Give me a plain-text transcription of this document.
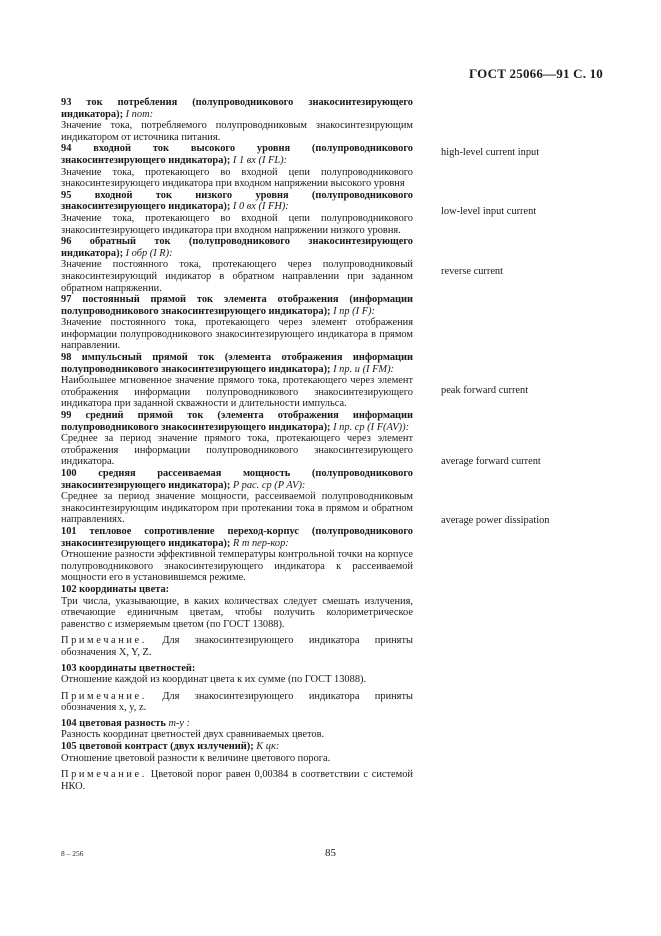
ГОСТ 25066—91 С. 10
93 ток потребления (полупроводникового знакосинтезирующего индикатора); I пот:
Значение тока, потребляемого полупроводниковым знакосинтезирующим индикатором от источника питания.
94 входной ток высокого уровня (полупроводникового знакосинтезирующего индикатора); I 1 вх (I FL):
Значение тока, протекающего во входной цепи полупроводникового знакосинтезирующего индикатора при входном напряжении высокого уровня
95 входной ток низкого уровня (полупроводникового знакосинтезирующего индикатора); I 0 вх (I FH):
Значение тока, протекающего во входной цепи полупроводникового знакосинтезирующего индикатора при входном напряжении низкого уровня.
96 обратный ток (полупроводникового знакосинтезирующего индикатора); I обр (I R):
Значение постоянного тока, протекающего через полупроводниковый знакосинтезирующий индикатор в обратном направлении при заданном обратном напряжении.
97 постоянный прямой ток элемента отображения (информации полупроводникового знакосинтезирующего индикатора); I пр (I F):
Значение постоянного тока, протекающего через элемент отображения информации полупроводникового знакосинтезирующего индикатора в прямом направлении.
98 импульсный прямой ток (элемента отображения информации полупроводникового знакосинтезирующего индикатора); I пр. и (I FM):
Наибольшее мгновенное значение прямого тока, протекающего через элемент отображения информации полупроводникового знакосинтезирующего индикатора при заданной скважности и длительности импульса.
99 средний прямой ток (элемента отображения информации полупроводникового знакосинтезирующего индикатора); I пр. ср (I F(AV)):
Среднее за период значение прямого тока, протекающего через элемент отображения информации полупроводникового знакосинтезирующего индикатора.
100 средняя рассеиваемая мощность (полупроводникового знакосинтезирующего индикатора); P рас. ср (P AV):
Среднее за период значение мощности, рассеиваемой полупроводниковым знакосинтезирующим индикатором при протекании тока в прямом и обратном направлениях.
101 тепловое сопротивление переход-корпус (полупроводникового знакосинтезирующего индикатора); R т пер-кор:
Отношение разности эффективной температуры контрольной точки на корпусе полупроводникового знакосинтезирующего индикатора к рассеиваемой мощности его в установившемся режиме.
102 координаты цвета:
Три числа, указывающие, в каких количествах следует смешать излучения, отвечающие единичным цветам, чтобы получить колориметрическое равенство с измеряемым цветом (по ГОСТ 13088).
Примечание. Для знакосинтезирующего индикатора приняты обозначения X, Y, Z.
103 координаты цветностей:
Отношение каждой из координат цвета к их сумме (по ГОСТ 13088).
Примечание. Для знакосинтезирующего индикатора приняты обозначения x, y, z.
104 цветовая разность m-y :
Разность координат цветностей двух сравниваемых цветов.
105 цветовой контраст (двух излучений); K цк:
Отношение цветовой разности к величине цветового порога.
Примечание. Цветовой порог равен 0,00384 в соответствии с системой НКО.
high-level current input
low-level input current
reverse current
peak forward current
average forward current
average power dissipation
8 – 256	85
